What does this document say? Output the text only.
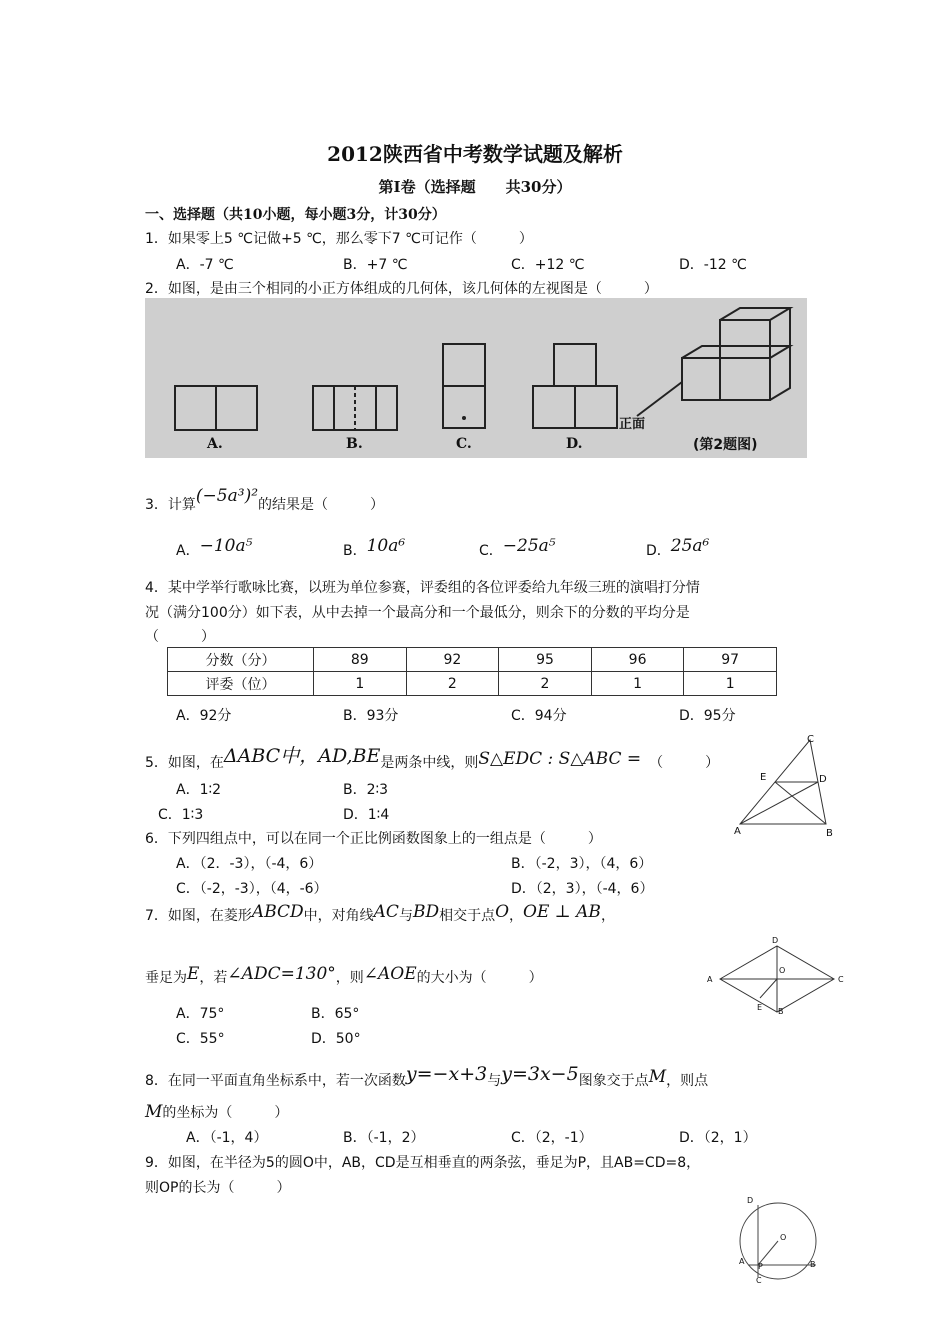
2012陕西省中考数学试题及解析
第Ⅰ卷（选择题　　共30分）
一、选择题（共10小题，每小题3分，计30分）
1．如果零上5 ℃记做+5 ℃，那么零下7 ℃可记作（　　　）
A．-7 ℃	B．+7 ℃	C．+12 ℃	D．-12 ℃
2．如图，是由三个相同的小正方体组成的几何体，该几何体的左视图是（　　　）
A.	B.	C.	D.
正面
(第2题图)
3．计算(−5a³)²的结果是（　　　）
A．−10a⁵	B．10a⁶	C．−25a⁵	D．25a⁶
4．某中学举行歌咏比赛，以班为单位参赛，评委组的各位评委给九年级三班的演唱打分情
况（满分100分）如下表，从中去掉一个最高分和一个最低分，则余下的分数的平均分是
（　　　）
分数（分）	89	92	95	96	97
评委（位）	1	2	2	1	1
A．92分	B．93分	C．94分	D．95分
5．如图，在ΔABC中，AD,BE是两条中线，则S△EDC : S△ABC = （　　　）
A．1∶2	B．2∶3
C．1∶3	D．1∶4
C
E	D
A	B
6．下列四组点中，可以在同一个正比例函数图象上的一组点是（　　　）
A．（2．-3），（-4，6）	B．（-2，3），（4，6）
C．（-2，-3），（4，-6）	D．（2，3），（-4，6）
7．如图，在菱形ABCD中，对角线AC与BD相交于点O，OE ⊥ AB，
垂足为E，若∠ADC=130°，则∠AOE的大小为（　　　）
A．75°	B．65°
C．55°	D．50°
D
A
O
C
E B
8．在同一平面直角坐标系中，若一次函数y=−x+3与y=3x−5图象交于点M，则点
M的坐标为（　　　）
A．（-1，4）	B．（-1，2）	C．（2，-1）	D．（2，1）
9．如图，在半径为5的圆O中，AB，CD是互相垂直的两条弦，垂足为P，且AB=CD=8，
则OP的长为（　　　）
D
O
A
P	B
C
